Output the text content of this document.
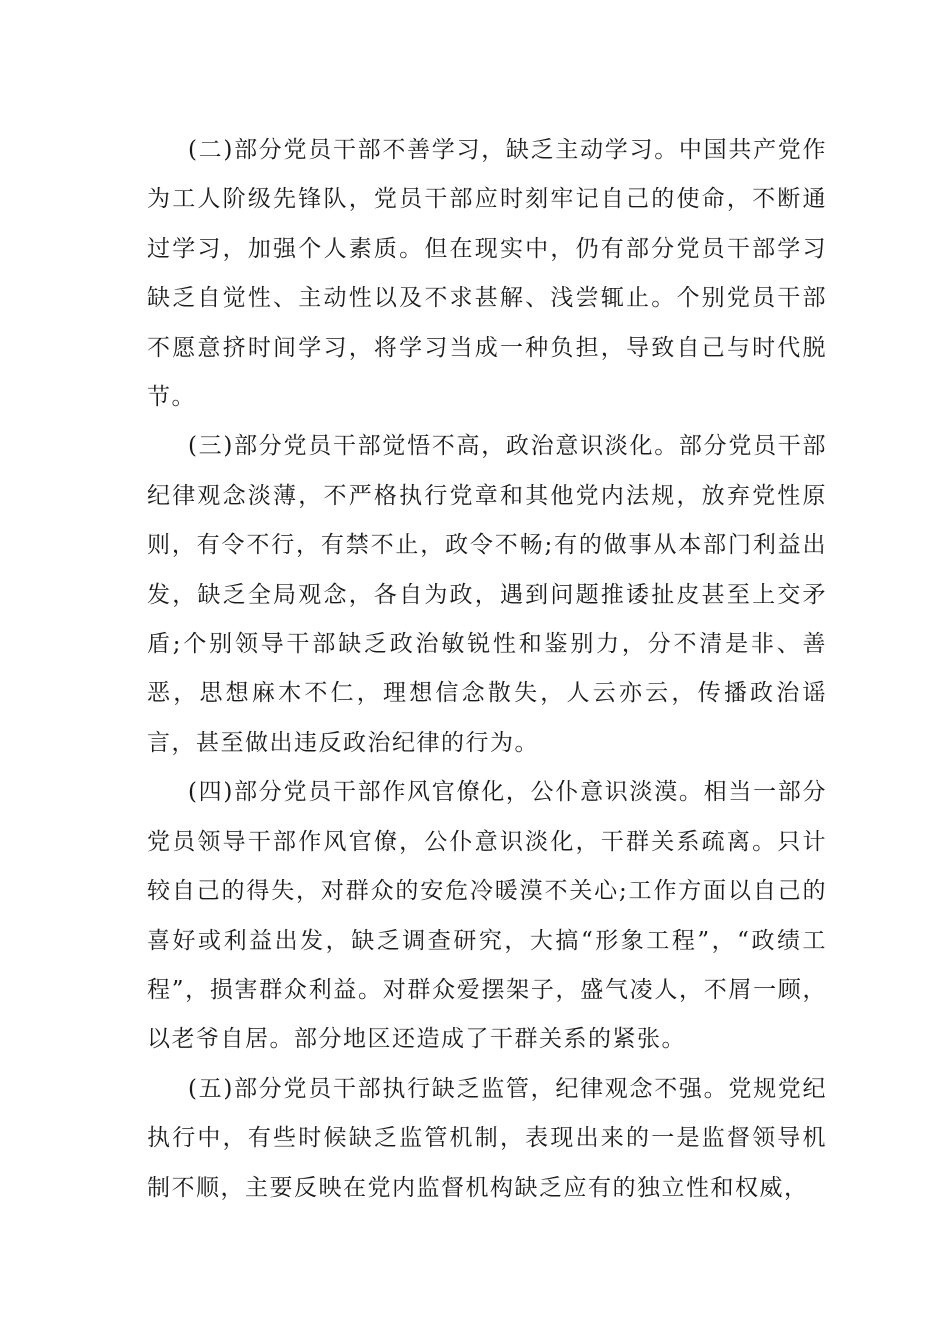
(二)部分党员干部不善学习，缺乏主动学习。中国共产党作为工人阶级先锋队，党员干部应时刻牢记自己的使命，不断通过学习，加强个人素质。但在现实中，仍有部分党员干部学习缺乏自觉性、主动性以及不求甚解、浅尝辄止。个别党员干部不愿意挤时间学习，将学习当成一种负担，导致自己与时代脱节。

(三)部分党员干部觉悟不高，政治意识淡化。部分党员干部纪律观念淡薄，不严格执行党章和其他党内法规，放弃党性原则，有令不行，有禁不止，政令不畅;有的做事从本部门利益出发，缺乏全局观念，各自为政，遇到问题推诿扯皮甚至上交矛盾;个别领导干部缺乏政治敏锐性和鉴别力，分不清是非、善恶，思想麻木不仁，理想信念散失，人云亦云，传播政治谣言，甚至做出违反政治纪律的行为。

(四)部分党员干部作风官僚化，公仆意识淡漠。相当一部分党员领导干部作风官僚，公仆意识淡化，干群关系疏离。只计较自己的得失，对群众的安危冷暖漠不关心;工作方面以自己的喜好或利益出发，缺乏调查研究，大搞“形象工程”，“政绩工程”，损害群众利益。对群众爱摆架子，盛气凌人，不屑一顾，以老爷自居。部分地区还造成了干群关系的紧张。

(五)部分党员干部执行缺乏监管，纪律观念不强。党规党纪执行中，有些时候缺乏监管机制，表现出来的一是监督领导机制不顺，主要反映在党内监督机构缺乏应有的独立性和权威，
